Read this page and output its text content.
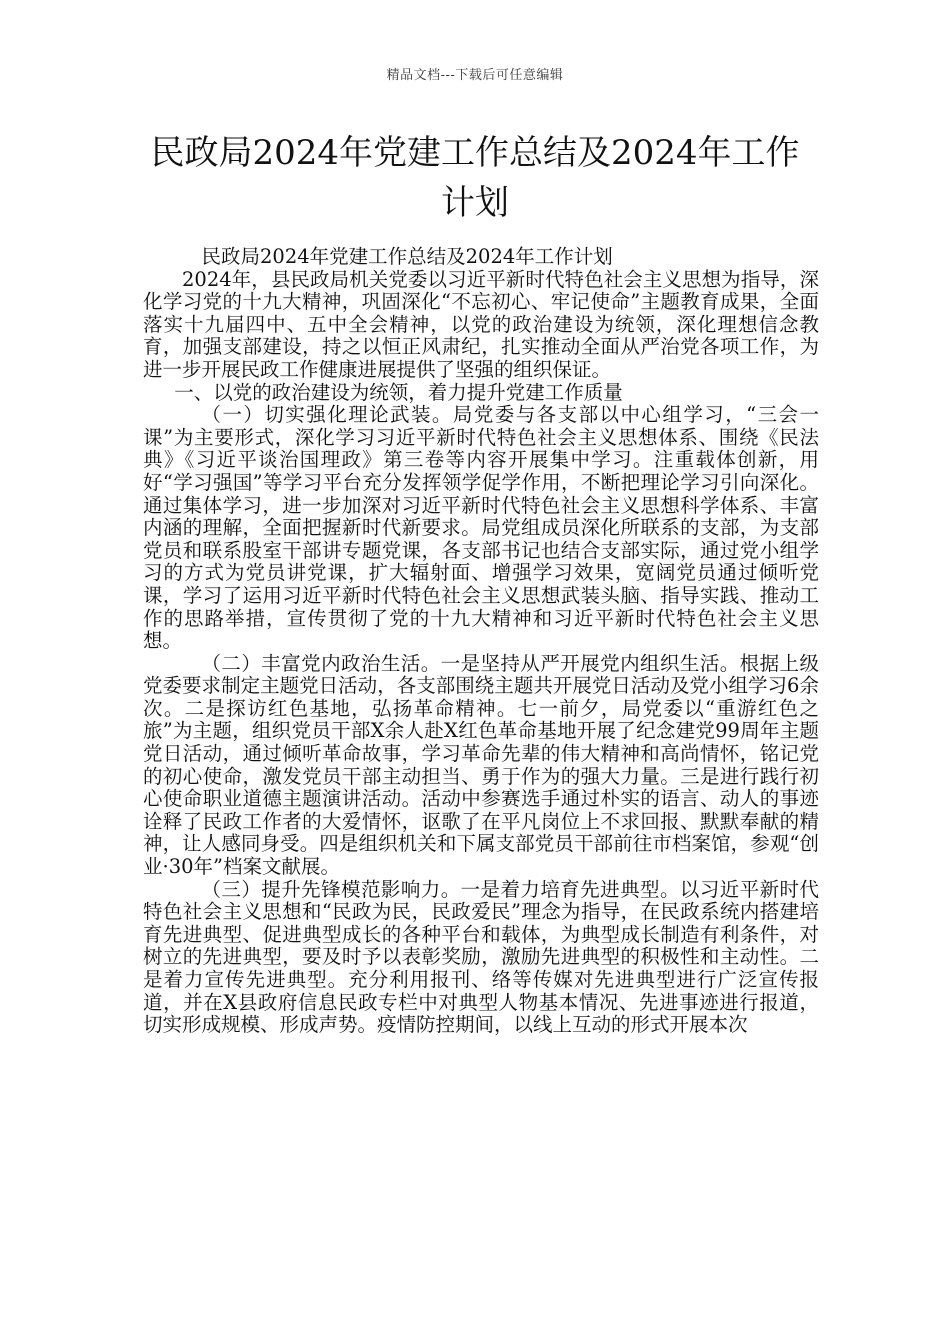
精品文档---下载后可任意编辑
民政局2024年党建工作总结及2024年工作计划

民政局2024年党建工作总结及2024年工作计划

2024年，县民政局机关党委以习近平新时代特色社会主义思想为指导，深化学习党的十九大精神，巩固深化“不忘初心、牢记使命”主题教育成果，全面落实十九届四中、五中全会精神，以党的政治建设为统领，深化理想信念教育，加强支部建设，持之以恒正风肃纪，扎实推动全面从严治党各项工作，为进一步开展民政工作健康进展提供了坚强的组织保证。

一、以党的政治建设为统领，着力提升党建工作质量

（一）切实强化理论武装。局党委与各支部以中心组学习，“三会一课”为主要形式，深化学习习近平新时代特色社会主义思想体系、围绕《民法典》《习近平谈治国理政》第三卷等内容开展集中学习。注重载体创新，用好“学习强国”等学习平台充分发挥领学促学作用，不断把理论学习引向深化。通过集体学习，进一步加深对习近平新时代特色社会主义思想科学体系、丰富内涵的理解，全面把握新时代新要求。局党组成员深化所联系的支部，为支部党员和联系股室干部讲专题党课，各支部书记也结合支部实际，通过党小组学习的方式为党员讲党课，扩大辐射面、增强学习效果，宽阔党员通过倾听党课，学习了运用习近平新时代特色社会主义思想武装头脑、指导实践、推动工作的思路举措，宣传贯彻了党的十九大精神和习近平新时代特色社会主义思想。

（二）丰富党内政治生活。一是坚持从严开展党内组织生活。根据上级党委要求制定主题党日活动，各支部围绕主题共开展党日活动及党小组学习6余次。二是探访红色基地，弘扬革命精神。七一前夕，局党委以“重游红色之旅”为主题，组织党员干部X余人赴X红色革命基地开展了纪念建党99周年主题党日活动，通过倾听革命故事，学习革命先辈的伟大精神和高尚情怀，铭记党的初心使命，激发党员干部主动担当、勇于作为的强大力量。三是进行践行初心使命职业道德主题演讲活动。活动中参赛选手通过朴实的语言、动人的事迹诠释了民政工作者的大爱情怀，讴歌了在平凡岗位上不求回报、默默奉献的精神，让人感同身受。四是组织机关和下属支部党员干部前往市档案馆，参观“创业·30年”档案文献展。

（三）提升先锋模范影响力。一是着力培育先进典型。以习近平新时代特色社会主义思想和“民政为民，民政爱民”理念为指导，在民政系统内搭建培育先进典型、促进典型成长的各种平台和载体，为典型成长制造有利条件，对树立的先进典型，要及时予以表彰奖励，激励先进典型的积极性和主动性。二是着力宣传先进典型。充分利用报刊、络等传媒对先进典型进行广泛宣传报道，并在X县政府信息民政专栏中对典型人物基本情况、先进事迹进行报道，切实形成规模、形成声势。疫情防控期间，以线上互动的形式开展本次
